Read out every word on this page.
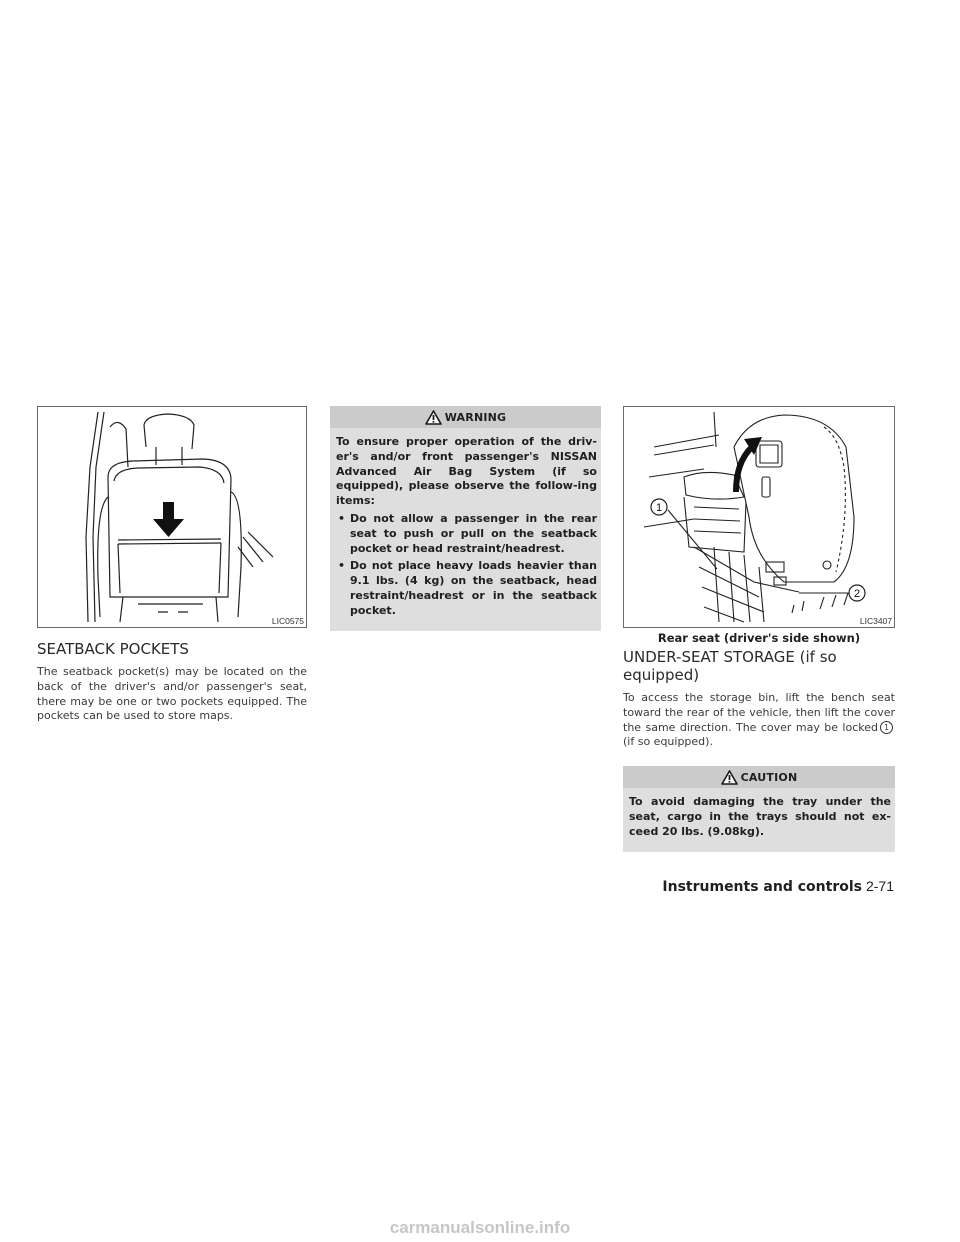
LIC0575
SEATBACK POCKETS

The seatback pocket(s) may be located on the back of the driver's and/or passenger's seat, there may be one or two pockets equipped. The pockets can be used to store maps.

WARNING

To ensure proper operation of the driv-er's and/or front passenger's NISSAN Advanced Air Bag System (if so equipped), please observe the follow-ing items:

• Do not allow a passenger in the rear seat to push or pull on the seatback pocket or head restraint/headrest.
• Do not place heavy loads heavier than 9.1 lbs. (4 kg) on the seatback, head restraint/headrest or in the seatback pocket.
1
2
LIC3407
Rear seat (driver's side shown)
UNDER-SEAT STORAGE (if so equipped)

To access the storage bin, lift the bench seat toward the rear of the vehicle, then lift the cover the same direction. The cover may be locked 1(if so equipped).

CAUTION

To avoid damaging the tray under the seat, cargo in the trays should not ex-ceed 20 lbs. (9.08kg).

Instruments and controls 2-71
carmanualsonline.info
